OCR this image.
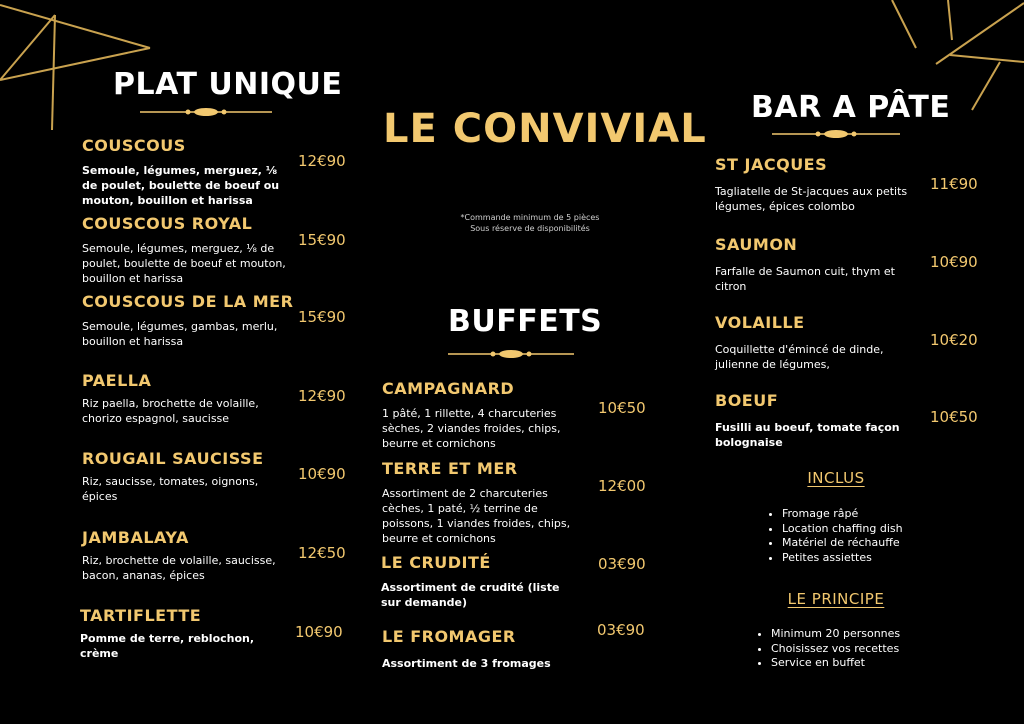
PLAT UNIQUE
COUSCOUS
Semoule, légumes, merguez, ⅛ de poulet, boulette de boeuf ou mouton, bouillon et harissa
12€90
COUSCOUS ROYAL
Semoule, légumes, merguez, ⅛ de poulet, boulette de boeuf et mouton, bouillon et harissa
15€90
COUSCOUS DE LA MER
Semoule, légumes, gambas, merlu, bouillon et harissa
15€90
PAELLA
Riz paella, brochette de volaille, chorizo espagnol, saucisse
12€90
ROUGAIL SAUCISSE
Riz, saucisse, tomates, oignons, épices
10€90
JAMBALAYA
Riz, brochette de volaille, saucisse, bacon, ananas, épices
12€50
TARTIFLETTE
Pomme de terre, reblochon, crème
10€90
LE CONVIVIAL
*Commande minimum de 5 pièces
Sous réserve de disponibilités
BUFFETS
CAMPAGNARD
1 pâté, 1 rillette, 4 charcuteries sèches, 2 viandes froides, chips, beurre et cornichons
10€50
TERRE ET MER
Assortiment de 2 charcuteries cèches, 1 paté, ½ terrine de poissons, 1 viandes froides, chips, beurre et cornichons
12€00
LE CRUDITÉ
Assortiment de crudité (liste sur demande)
03€90
LE FROMAGER
Assortiment de 3 fromages
03€90
BAR A PÂTE
ST JACQUES
Tagliatelle de St-jacques aux petits légumes, épices colombo
11€90
SAUMON
Farfalle de Saumon cuit, thym et citron
10€90
VOLAILLE
Coquillette d'émincé de dinde, julienne de légumes,
10€20
BOEUF
Fusilli au boeuf, tomate façon bolognaise
10€50
INCLUS
• Fromage râpé
• Location chaffing dish
• Matériel de réchauffe
• Petites assiettes
LE PRINCIPE
• Minimum 20 personnes
• Choisissez vos recettes
• Service en buffet
